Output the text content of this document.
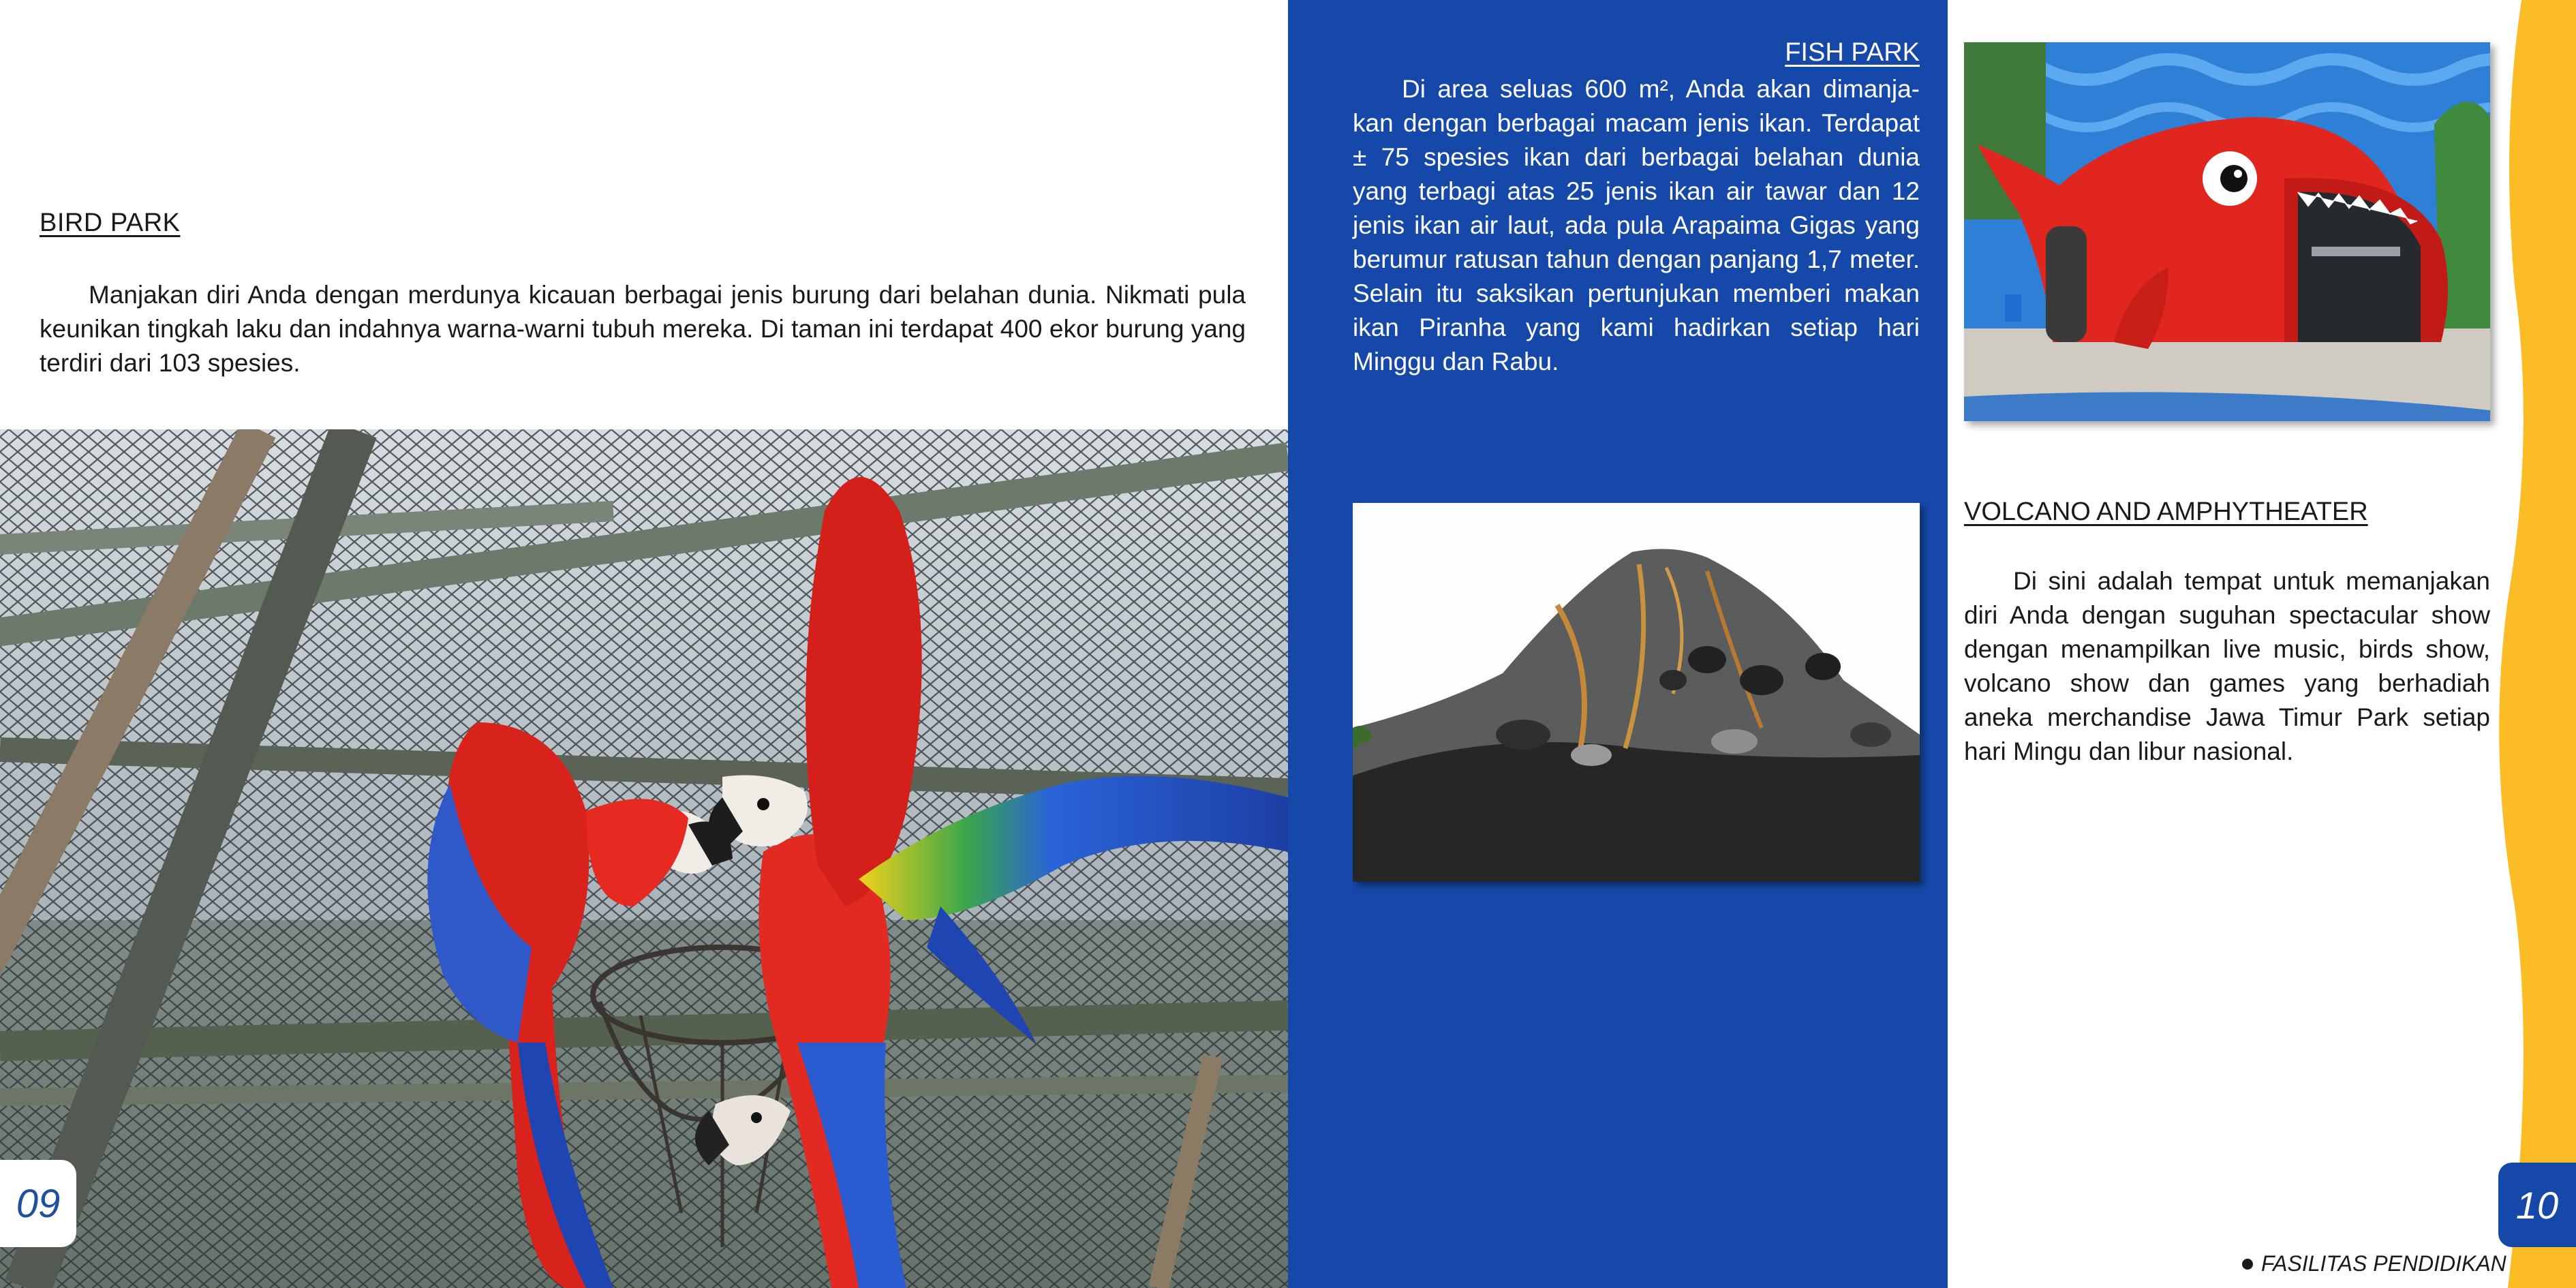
BIRD PARK
Manjakan diri Anda dengan merdunya kicauan berbagai jenis burung dari belahan dunia. Nikmati pula keunikan tingkah laku dan indahnya warna-warni tubuh mereka. Di taman ini terdapat 400 ekor burung yang terdiri dari 103 spesies.
09
FISH PARK
Di area seluas 600 m², Anda akan dimanja-kan dengan berbagai macam jenis ikan. Terdapat ± 75 spesies ikan dari berbagai belahan dunia yang terbagi atas 25 jenis ikan air tawar dan 12 jenis ikan air laut, ada pula Arapaima Gigas yang berumur ratusan tahun dengan panjang 1,7 meter. Selain itu saksikan pertunjukan memberi makan ikan Piranha yang kami hadirkan setiap hari Minggu dan Rabu.
VOLCANO AND AMPHYTHEATER
Di sini adalah tempat untuk memanjakan diri Anda dengan suguhan spectacular show dengan menampilkan live music, birds show, volcano show dan games yang berhadiah aneka merchandise Jawa Timur Park setiap hari Mingu dan libur nasional.
10
FASILITAS PENDIDIKAN
